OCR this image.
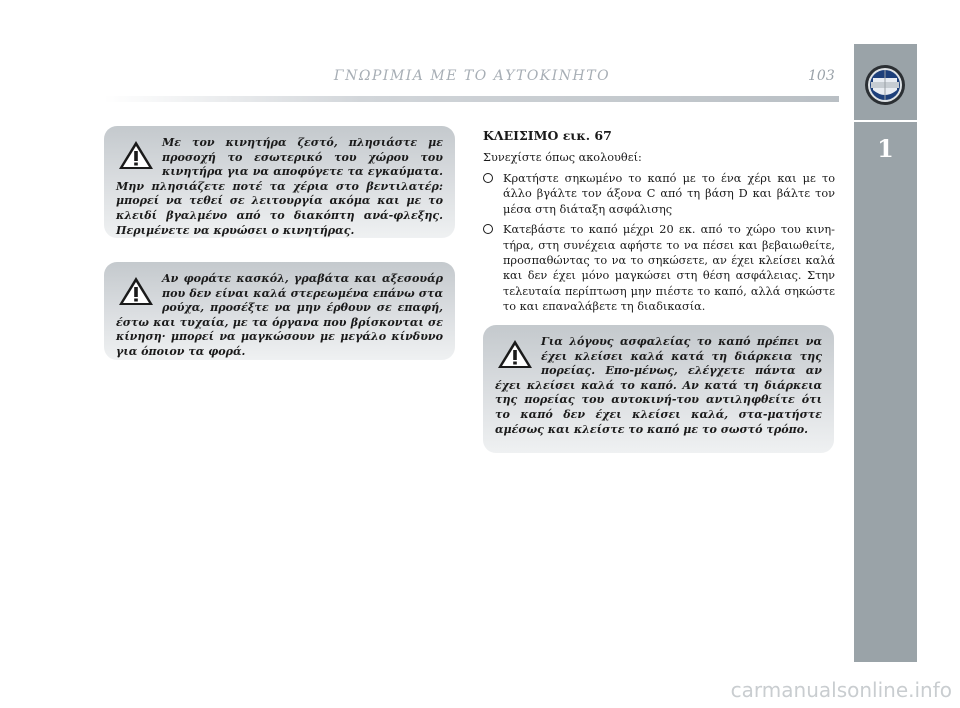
ΓΝΩΡΙΜΙΑ ΜΕ ΤΟ ΑΥΤΟΚΙΝΗΤΟ	103
1

Με τον κινητήρα ζεστό, πλησιάστε με προσοχή το εσωτερικό του χώρου του κινητήρα για να αποφύγετε τα εγκαύματα. Μην πλησιάζετε ποτέ τα χέρια στο βεντιλατέρ: μπορεί να τεθεί σε λειτουργία ακόμα και με το κλειδί βγαλμένο από το διακόπτη ανά-φλεξης. Περιμένετε να κρυώσει ο κινητήρας.

Αν φοράτε κασκόλ, γραβάτα και αξεσουάρ που δεν είναι καλά στερεωμένα επάνω στα ρούχα, προσέξτε να μην έρθουν σε επαφή, έστω και τυχαία, με τα όργανα που βρίσκονται σε κίνηση· μπορεί να μαγκώσουν με μεγάλο κίνδυνο για όποιον τα φορά.

ΚΛΕΙΣΙΜΟ εικ. 67
Συνεχίστε όπως ακολουθεί:
Κρατήστε σηκωμένο το καπό με το ένα χέρι και με το άλλο βγάλτε τον άξονα C από τη βάση D και βάλτε τον μέσα στη διάταξη ασφάλισης
Κατεβάστε το καπό μέχρι 20 εκ. από το χώρο του κινη-τήρα, στη συνέχεια αφήστε το να πέσει και βεβαιωθείτε, προσπαθώντας το να το σηκώσετε, αν έχει κλείσει καλά και δεν έχει μόνο μαγκώσει στη θέση ασφάλειας. Στην τελευταία περίπτωση μην πιέστε το καπό, αλλά σηκώστε το και επαναλάβετε τη διαδικασία.

Για λόγους ασφαλείας το καπό πρέπει να έχει κλείσει καλά κατά τη διάρκεια της πορείας. Επο-μένως, ελέγχετε πάντα αν έχει κλείσει καλά το καπό. Αν κατά τη διάρκεια της πορείας του αυτοκινή-του αντιληφθείτε ότι το καπό δεν έχει κλείσει καλά, στα-ματήστε αμέσως και κλείστε το καπό με το σωστό τρόπο.

carmanualsonline.info
